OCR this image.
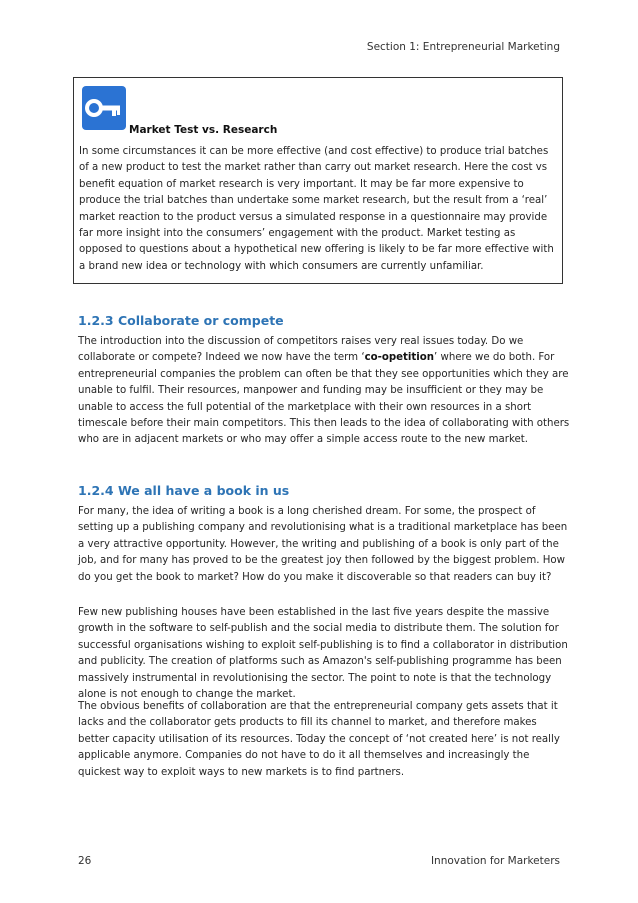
Section 1: Entrepreneurial Marketing
Market Test vs. Research

In some circumstances it can be more effective (and cost effective) to produce trial batches of a new product to test the market rather than carry out market research. Here the cost vs benefit equation of market research is very important. It may be far more expensive to produce the trial batches than undertake some market research, but the result from a ‘real’ market reaction to the product versus a simulated response in a questionnaire may provide far more insight into the consumers’ engagement with the product. Market testing as opposed to questions about a hypothetical new offering is likely to be far more effective with a brand new idea or technology with which consumers are currently unfamiliar.

1.2.3 Collaborate or compete

The introduction into the discussion of competitors raises very real issues today. Do we collaborate or compete? Indeed we now have the term ‘co-opetition’ where we do both. For entrepreneurial companies the problem can often be that they see opportunities which they are unable to fulfil. Their resources, manpower and funding may be insufficient or they may be unable to access the full potential of the marketplace with their own resources in a short timescale before their main competitors. This then leads to the idea of collaborating with others who are in adjacent markets or who may offer a simple access route to the new market.

1.2.4 We all have a book in us

For many, the idea of writing a book is a long cherished dream. For some, the prospect of setting up a publishing company and revolutionising what is a traditional marketplace has been a very attractive opportunity. However, the writing and publishing of a book is only part of the job, and for many has proved to be the greatest joy then followed by the biggest problem. How do you get the book to market? How do you make it discoverable so that readers can buy it?

Few new publishing houses have been established in the last five years despite the massive growth in the software to self-publish and the social media to distribute them. The solution for successful organisations wishing to exploit self-publishing is to find a collaborator in distribution and publicity. The creation of platforms such as Amazon's self-publishing programme has been massively instrumental in revolutionising the sector. The point to note is that the technology alone is not enough to change the market.

The obvious benefits of collaboration are that the entrepreneurial company gets assets that it lacks and the collaborator gets products to fill its channel to market, and therefore makes better capacity utilisation of its resources. Today the concept of ‘not created here’ is not really applicable anymore. Companies do not have to do it all themselves and increasingly the quickest way to exploit ways to new markets is to find partners.

26	Innovation for Marketers
